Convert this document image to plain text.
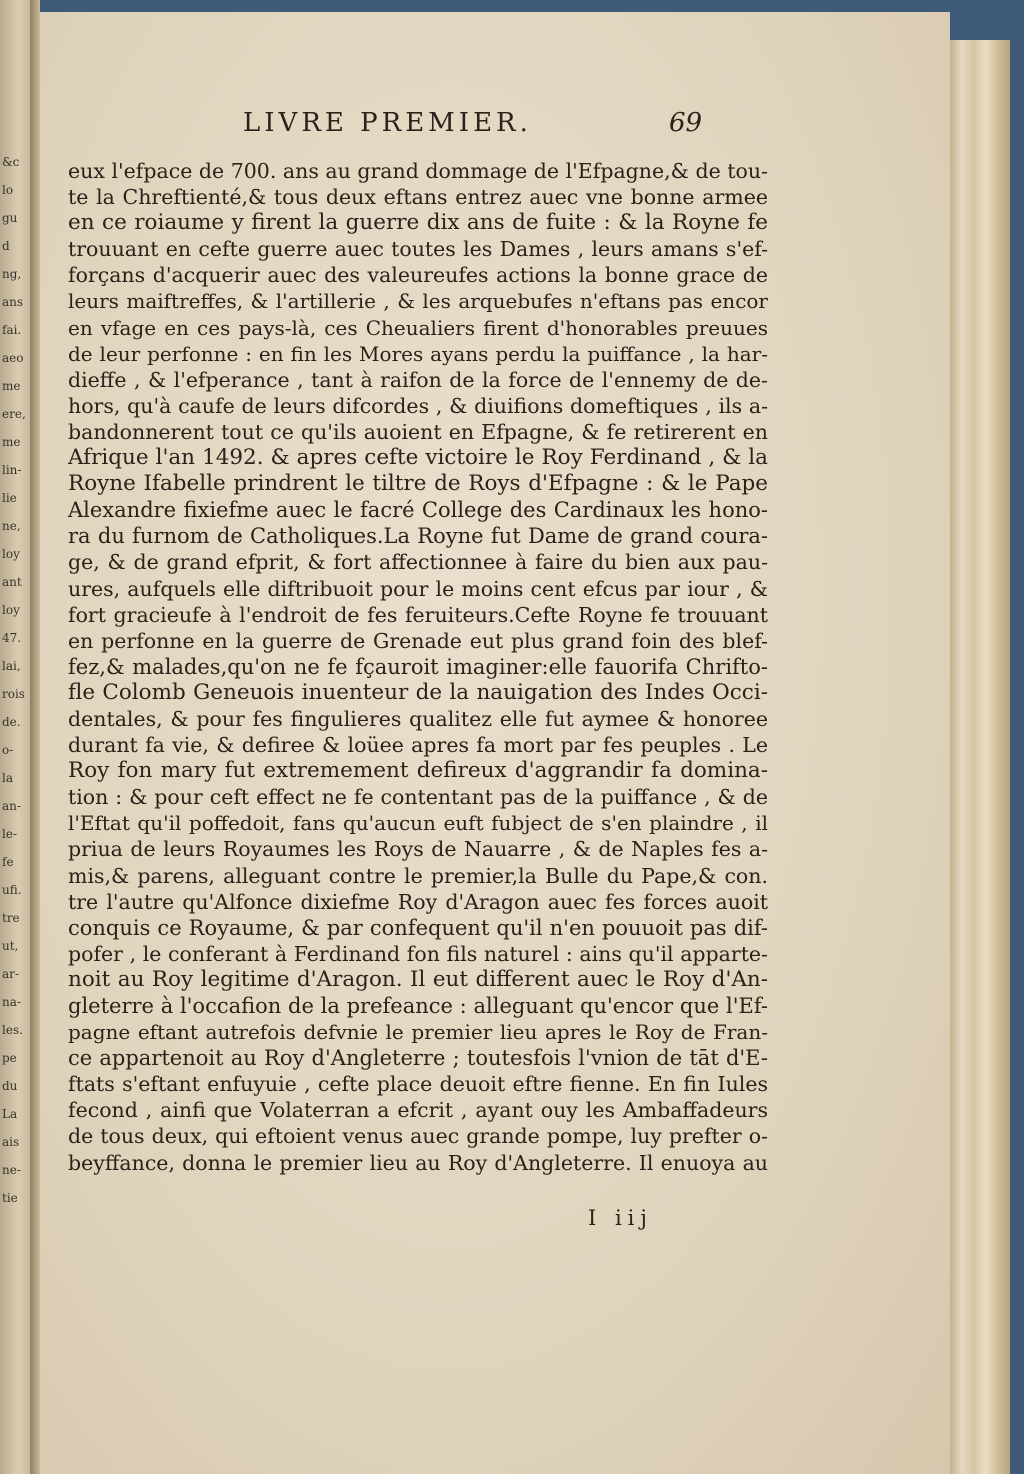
&c
lo
gu
d
ng,
ans
fai.
aeo
me
ere,
me
lin-
lie
ne,
loy
ant
loy
47.
lai,
rois
de.
o-
la
an-
le-
fe
ufi.
tre
ut,
ar-
na-
les.
pe
du
La
ais
ne-
tie
LIVRE PREMIER.	69
eux l'efpace de 700. ans au grand dommage de l'Efpagne,& de tou-
te la Chreftienté,& tous deux eftans entrez auec vne bonne armee
en ce roiaume y firent la guerre dix ans de fuite : & la Royne fe
trouuant en cefte guerre auec toutes les Dames , leurs amans s'ef-
forçans d'acquerir auec des valeureufes actions la bonne grace de
leurs maiftreffes, & l'artillerie , & les arquebufes n'eftans pas encor
en vfage en ces pays-là, ces Cheualiers firent d'honorables preuues
de leur perfonne : en fin les Mores ayans perdu la puiffance , la har-
dieffe , & l'efperance , tant à raifon de la force de l'ennemy de de-
hors, qu'à caufe de leurs difcordes , & diuifions domeftiques , ils a-
bandonnerent tout ce qu'ils auoient en Efpagne, & fe retirerent en
Afrique l'an 1492. & apres cefte victoire le Roy Ferdinand , & la
Royne Ifabelle prindrent le tiltre de Roys d'Efpagne : & le Pape
Alexandre fixiefme auec le facré College des Cardinaux les hono-
ra du furnom de Catholiques.La Royne fut Dame de grand coura-
ge, & de grand efprit, & fort affectionnee à faire du bien aux pau-
ures, aufquels elle diftribuoit pour le moins cent efcus par iour , &
fort gracieufe à l'endroit de fes feruiteurs.Cefte Royne fe trouuant
en perfonne en la guerre de Grenade eut plus grand foin des blef-
fez,& malades,qu'on ne fe fçauroit imaginer:elle fauorifa Chrifto-
fle Colomb Geneuois inuenteur de la nauigation des Indes Occi-
dentales, & pour fes fingulieres qualitez elle fut aymee & honoree
durant fa vie, & defiree & loüee apres fa mort par fes peuples . Le
Roy fon mary fut extremement defireux d'aggrandir fa domina-
tion : & pour ceft effect ne fe contentant pas de la puiffance , & de
l'Eftat qu'il poffedoit, fans qu'aucun euft fubject de s'en plaindre , il
priua de leurs Royaumes les Roys de Nauarre , & de Naples fes a-
mis,& parens, alleguant contre le premier,la Bulle du Pape,& con.
tre l'autre qu'Alfonce dixiefme Roy d'Aragon auec fes forces auoit
conquis ce Royaume, & par confequent qu'il n'en pouuoit pas dif-
pofer , le conferant à Ferdinand fon fils naturel : ains qu'il apparte-
noit au Roy legitime d'Aragon. Il eut different auec le Roy d'An-
gleterre à l'occafion de la prefeance : alleguant qu'encor que l'Ef-
pagne eftant autrefois defvnie le premier lieu apres le Roy de Fran-
ce appartenoit au Roy d'Angleterre ; toutesfois l'vnion de tāt d'E-
ftats s'eftant enfuyuie , cefte place deuoit eftre fienne. En fin Iules
fecond , ainfi que Volaterran a efcrit , ayant ouy les Ambaffadeurs
de tous deux, qui eftoient venus auec grande pompe, luy prefter o-
beyffance, donna le premier lieu au Roy d'Angleterre. Il enuoya au
I iij
